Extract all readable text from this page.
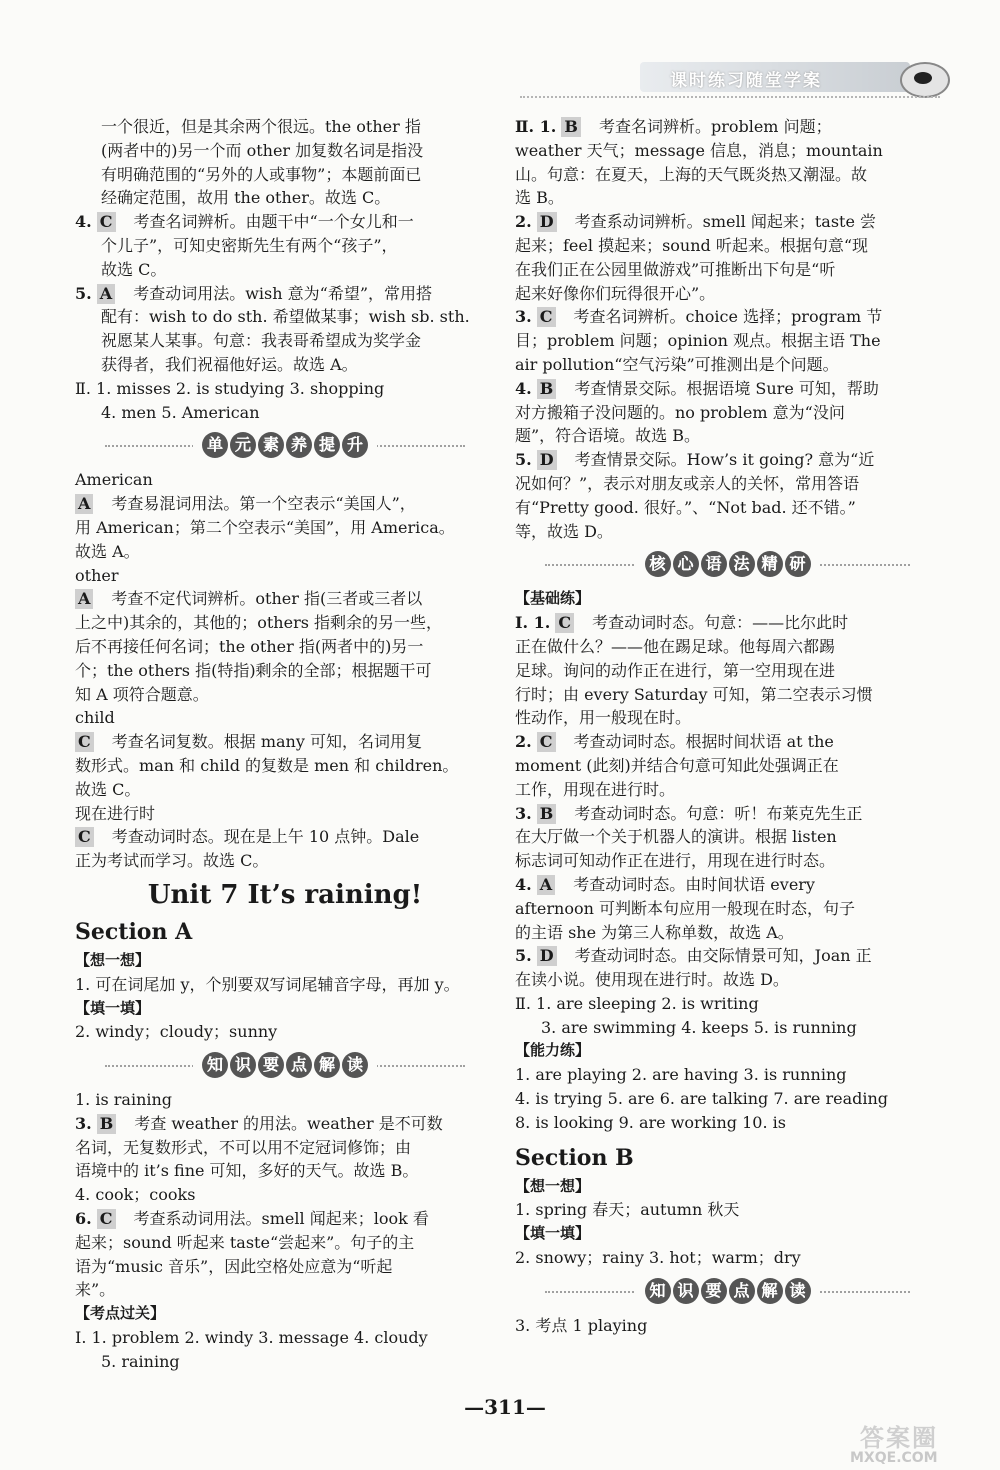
课时练习随堂学案

一个很近，但是其余两个很远。the other 指

(两者中的)另一个而 other 加复数名词是指没

有明确范围的“另外的人或事物”；本题前面已

经确定范围，故用 the other。故选 C。

4. C 考查名词辨析。由题干中“一个女儿和一

个儿子”，可知史密斯先生有两个“孩子”，

故选 C。

5. A 考查动词用法。wish 意为“希望”，常用搭

配有：wish to do sth. 希望做某事；wish sb. sth.

祝愿某人某事。句意：我表哥希望成为奖学金

获得者，我们祝福他好运。故选 A。

Ⅱ. 1. misses 2. is studying 3. shopping

4. men 5. American

单 元 素 养 提 升

American

A 考查易混词用法。第一个空表示“美国人”，

用 American；第二个空表示“美国”，用 America。

故选 A。

other

A 考查不定代词辨析。other 指(三者或三者以

上之中)其余的，其他的；others 指剩余的另一些，

后不再接任何名词；the other 指(两者中的)另一

个；the others 指(特指)剩余的全部；根据题干可

知 A 项符合题意。

child

C 考查名词复数。根据 many 可知，名词用复

数形式。man 和 child 的复数是 men 和 children。

故选 C。

现在进行时

C 考查动词时态。现在是上午 10 点钟。Dale

正为考试而学习。故选 C。

Unit 7 It’s raining!
Section A

【想一想】

1. 可在词尾加 y，个别要双写词尾辅音字母，再加 y。

【填一填】

2. windy；cloudy；sunny

知 识 要 点 解 读

1. is raining

3. B 考查 weather 的用法。weather 是不可数

名词，无复数形式，不可以用不定冠词修饰；由

语境中的 it’s fine 可知，多好的天气。故选 B。

4. cook；cooks

6. C 考查系动词用法。smell 闻起来；look 看

起来；sound 听起来 taste“尝起来”。句子的主

语为“music 音乐”，因此空格处应意为“听起

来”。

【考点过关】

Ⅰ. 1. problem 2. windy 3. message 4. cloudy

5. raining

Ⅱ. 1. B 考查名词辨析。problem 问题；

weather 天气；message 信息，消息；mountain

山。句意：在夏天，上海的天气既炎热又潮湿。故

选 B。

2. D 考查系动词辨析。smell 闻起来；taste 尝

起来；feel 摸起来；sound 听起来。根据句意“现

在我们正在公园里做游戏”可推断出下句是“听

起来好像你们玩得很开心”。

3. C 考查名词辨析。choice 选择；program 节

目；problem 问题；opinion 观点。根据主语 The

air pollution“空气污染”可推测出是个问题。

4. B 考查情景交际。根据语境 Sure 可知，帮助

对方搬箱子没问题的。no problem 意为“没问

题”，符合语境。故选 B。

5. D 考查情景交际。How’s it going? 意为“近

况如何？”，表示对朋友或亲人的关怀，常用答语

有“Pretty good. 很好。”、“Not bad. 还不错。”

等，故选 D。

核 心 语 法 精 研

【基础练】

Ⅰ. 1. C 考查动词时态。句意：——比尔此时

正在做什么？——他在踢足球。他每周六都踢

足球。询问的动作正在进行，第一空用现在进

行时；由 every Saturday 可知，第二空表示习惯

性动作，用一般现在时。

2. C 考查动词时态。根据时间状语 at the

moment (此刻)并结合句意可知此处强调正在

工作，用现在进行时。

3. B 考查动词时态。句意：听！布莱克先生正

在大厅做一个关于机器人的演讲。根据 listen

标志词可知动作正在进行，用现在进行时态。

4. A 考查动词时态。由时间状语 every

afternoon 可判断本句应用一般现在时态，句子

的主语 she 为第三人称单数，故选 A。

5. D 考查动词时态。由交际情景可知，Joan 正

在读小说。使用现在进行时。故选 D。

Ⅱ. 1. are sleeping 2. is writing

3. are swimming 4. keeps 5. is running

【能力练】

1. are playing 2. are having 3. is running

4. is trying 5. are 6. are talking 7. are reading

8. is looking 9. are working 10. is

Section B

【想一想】

1. spring 春天；autumn 秋天

【填一填】

2. snowy；rainy 3. hot；warm；dry

知 识 要 点 解 读

3. 考点 1 playing

—311—
答案圈
MXQE.COM
